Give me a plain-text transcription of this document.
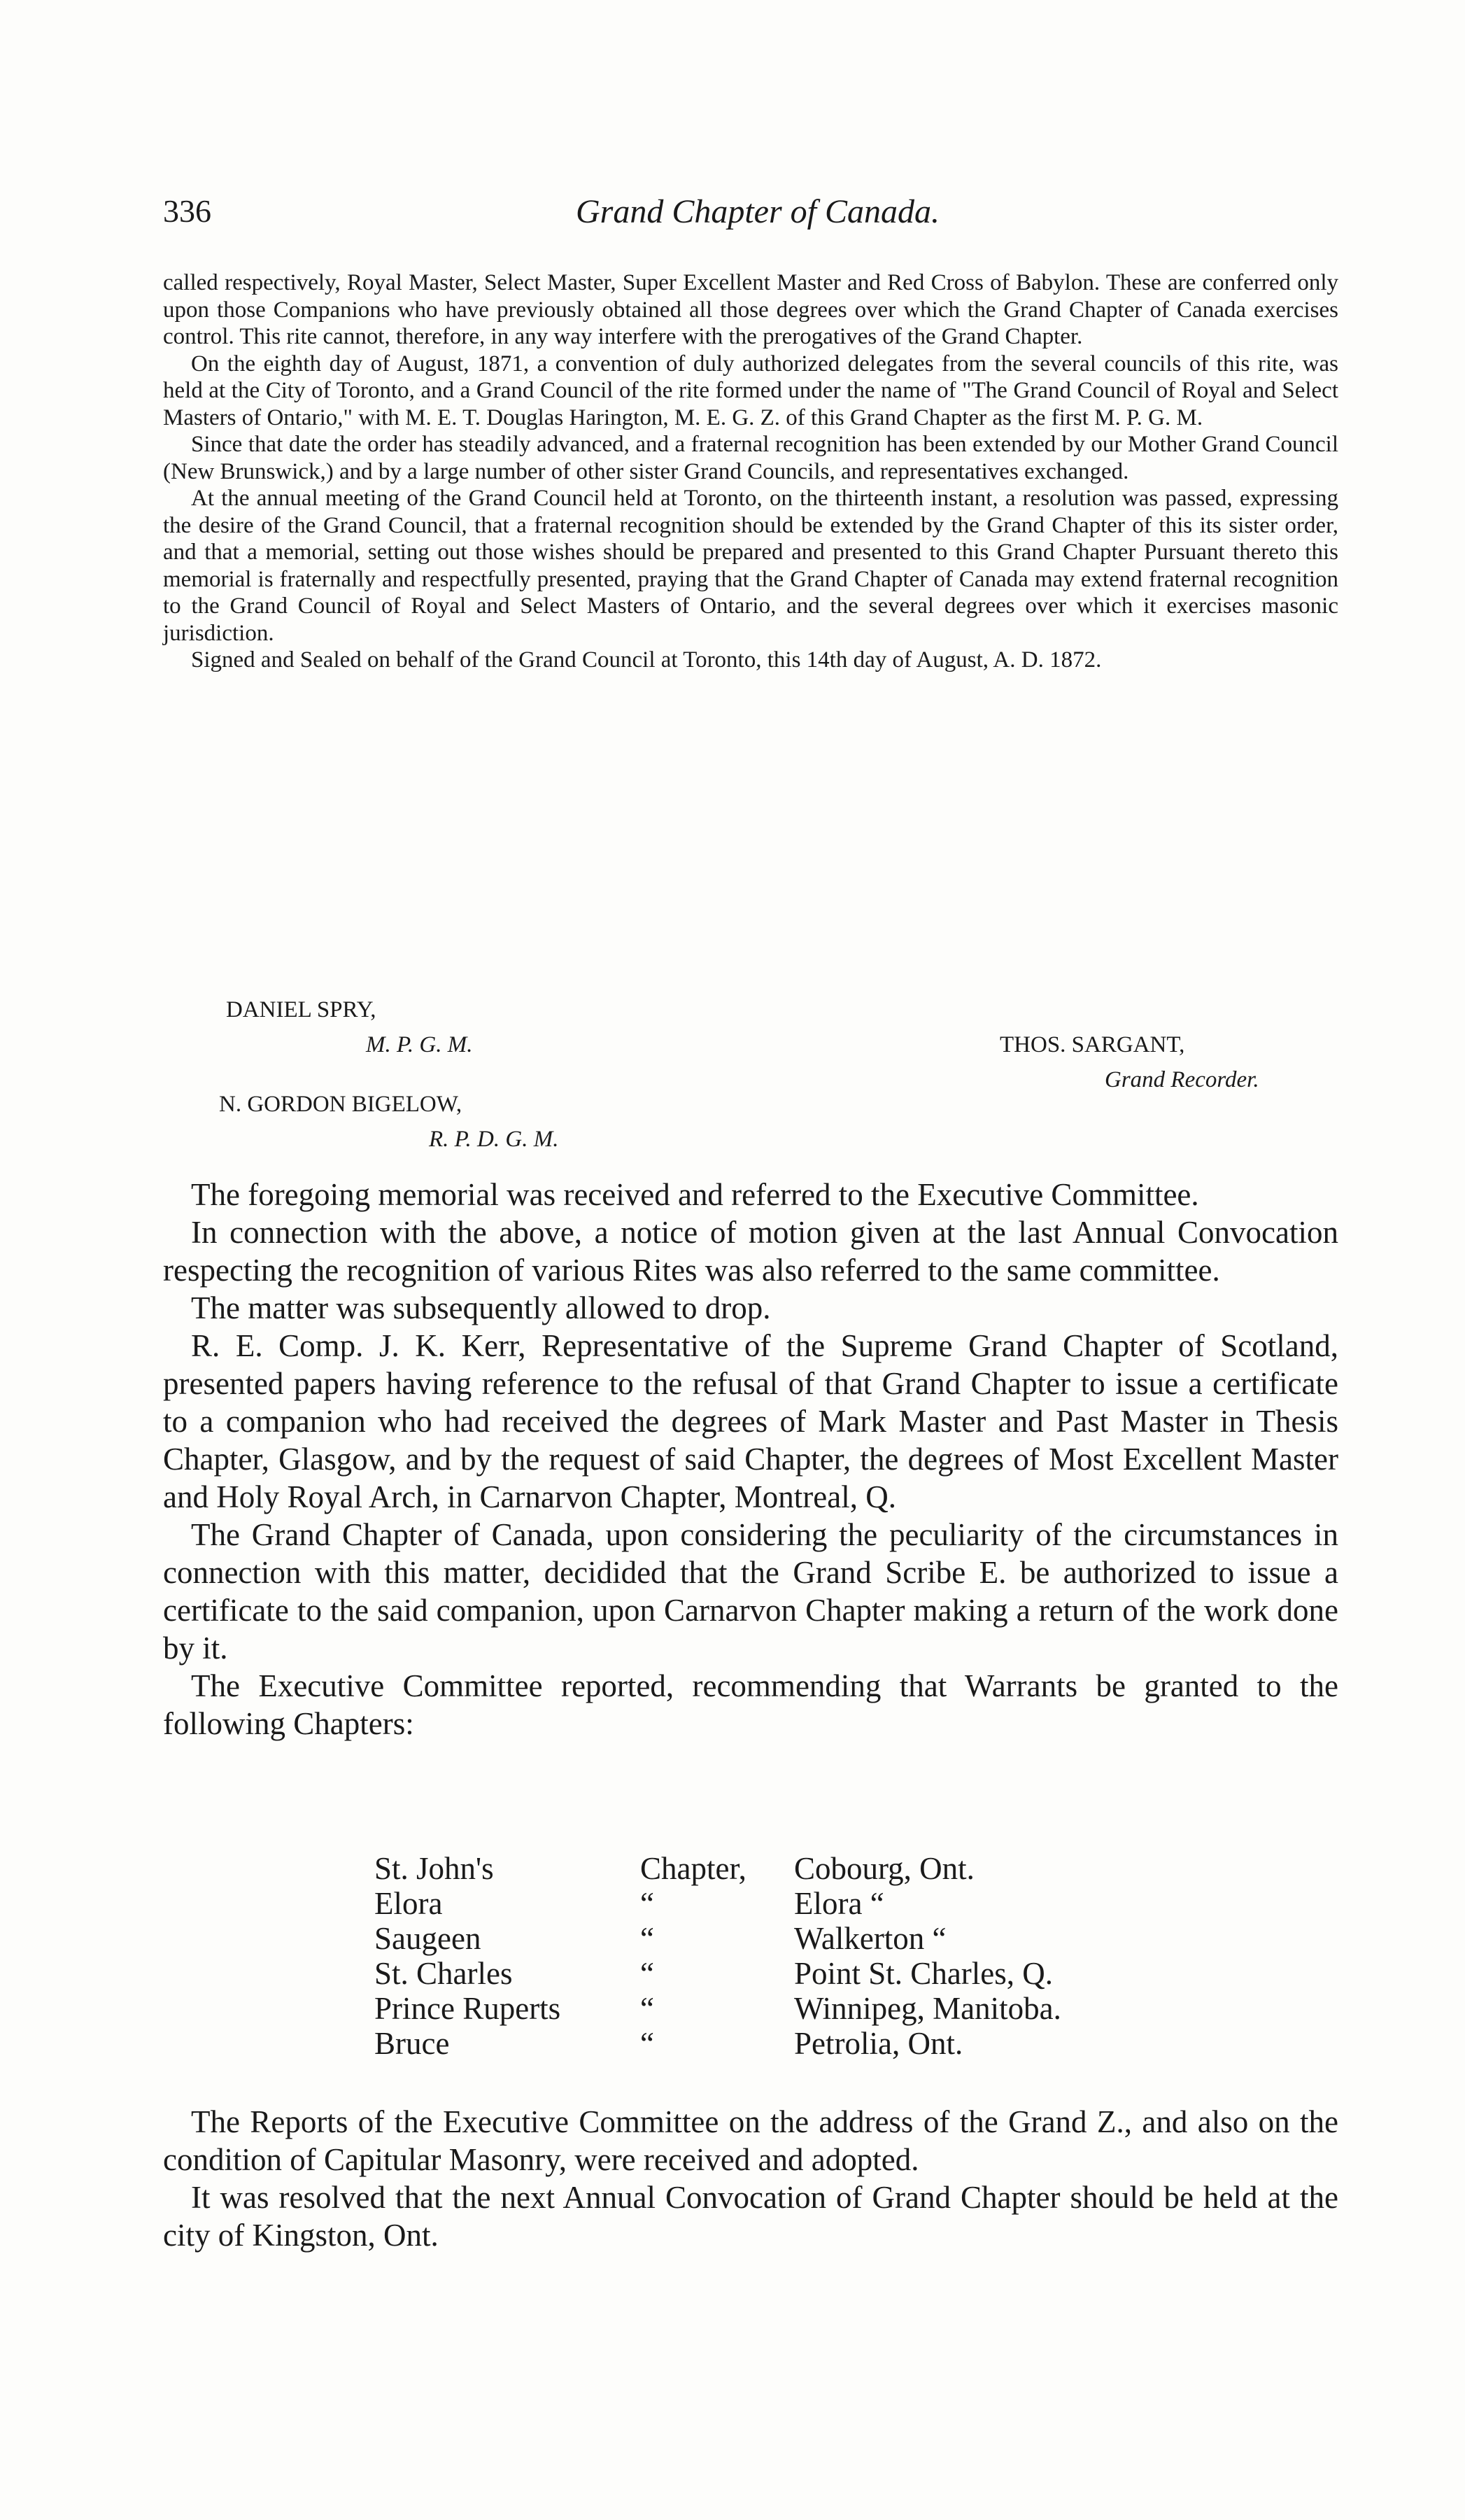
336	Grand Chapter of Canada.

called respectively, Royal Master, Select Master, Super Excellent Master and Red Cross of Babylon. These are conferred only upon those Companions who have previously obtained all those degrees over which the Grand Chapter of Canada exercises control. This rite cannot, therefore, in any way interfere with the prerogatives of the Grand Chapter.

On the eighth day of August, 1871, a convention of duly authorized delegates from the several councils of this rite, was held at the City of Toronto, and a Grand Council of the rite formed under the name of "The Grand Council of Royal and Select Masters of Ontario," with M. E. T. Douglas Harington, M. E. G. Z. of this Grand Chapter as the first M. P. G. M.

Since that date the order has steadily advanced, and a fraternal recognition has been extended by our Mother Grand Council (New Brunswick,) and by a large number of other sister Grand Councils, and representatives exchanged.

At the annual meeting of the Grand Council held at Toronto, on the thirteenth instant, a resolution was passed, expressing the desire of the Grand Council, that a fraternal recognition should be extended by the Grand Chapter of this its sister order, and that a memorial, setting out those wishes should be prepared and presented to this Grand Chapter Pursuant thereto this memorial is fraternally and respectfully presented, praying that the Grand Chapter of Canada may extend fraternal recognition to the Grand Council of Royal and Select Masters of Ontario, and the several degrees over which it exercises masonic jurisdiction.

Signed and Sealed on behalf of the Grand Council at Toronto, this 14th day of August, A. D. 1872.

DANIEL SPRY,
M. P. G. M.	THOS. SARGANT,
Grand Recorder.
N. GORDON BIGELOW,
R. P. D. G. M.

The foregoing memorial was received and referred to the Executive Committee.

In connection with the above, a notice of motion given at the last Annual Convocation respecting the recognition of various Rites was also referred to the same committee.

The matter was subsequently allowed to drop.

R. E. Comp. J. K. Kerr, Representative of the Supreme Grand Chapter of Scotland, presented papers having reference to the refusal of that Grand Chapter to issue a certificate to a companion who had received the degrees of Mark Master and Past Master in Thesis Chapter, Glasgow, and by the request of said Chapter, the degrees of Most Excellent Master and Holy Royal Arch, in Carnarvon Chapter, Montreal, Q.

The Grand Chapter of Canada, upon considering the peculiarity of the circumstances in connection with this matter, decidided that the Grand Scribe E. be authorized to issue a certificate to the said companion, upon Carnarvon Chapter making a return of the work done by it.

The Executive Committee reported, recommending that Warrants be granted to the following Chapters:

St. John's	Chapter, Cobourg, Ont.
Elora	“	Elora “
Saugeen	“	Walkerton “
St. Charles	“	Point St. Charles, Q.
Prince Ruperts	“	Winnipeg, Manitoba.
Bruce	“	Petrolia, Ont.

The Reports of the Executive Committee on the address of the Grand Z., and also on the condition of Capitular Masonry, were received and adopted.

It was resolved that the next Annual Convocation of Grand Chapter should be held at the city of Kingston, Ont.
